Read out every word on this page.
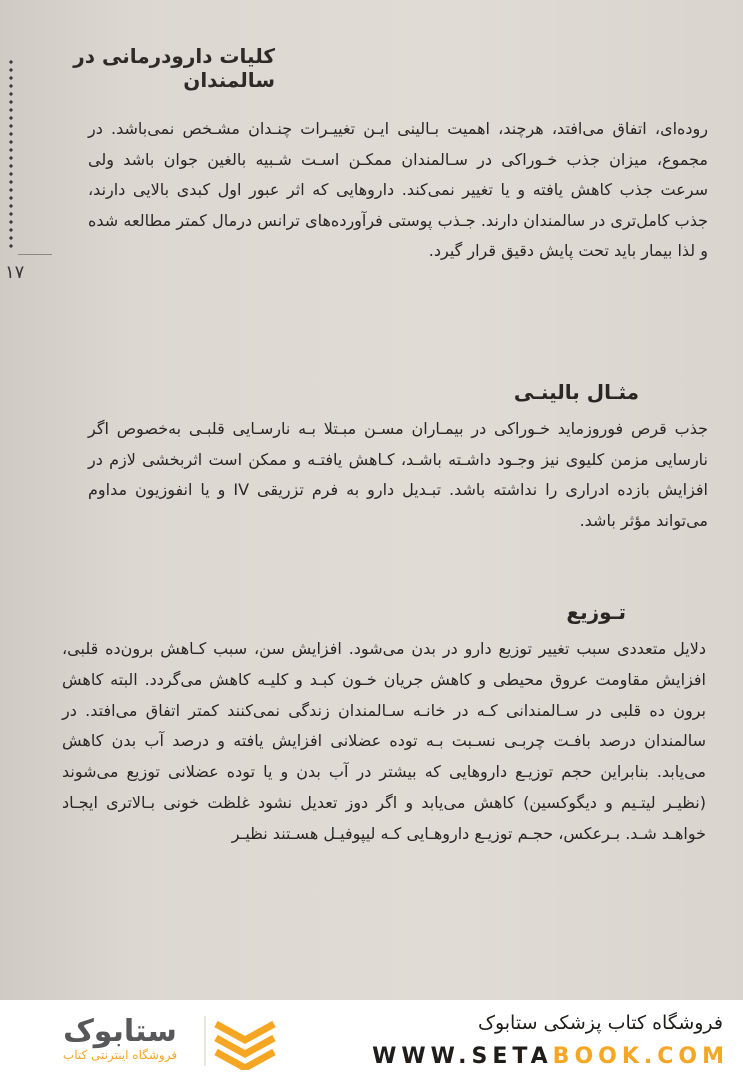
کلیات دارودرمانی در سالمندان
۱۷
روده‌ای، اتفاق می‌افتد، هرچند، اهمیت بـالینی ایـن تغییـرات چنـدان مشـخص نمی‌باشد. در مجموع، میزان جذب خـوراکی در سـالمندان ممکـن اسـت شـبیه بالغین جوان باشد ولی سرعت جذب کاهش یافته و یا تغییر نمی‌کند. داروهایی که اثر عبور اول کبدی بالایی دارند، جذب کامل‌تری در سالمندان دارند. جـذب پوستی فرآورده‌های ترانس درمال کمتر مطالعه شده و لذا بیمار باید تحت پایش دقیق قرار گیرد.
مثـال بالینـی
جذب قرص فوروزماید خـوراکی در بیمـاران مسـن مبـتلا بـه نارسـایی قلبـی به‌خصوص اگر نارسایی مزمن کلیوی نیز وجـود داشـته باشـد، کـاهش یافتـه و ممکن است اثربخشی لازم در افزایش بازده ادراری را نداشته باشد. تبـدیل دارو به فرم تزریقی IV و یا انفوزیون مداوم می‌تواند مؤثر باشد.
تـوزیع
دلایل متعددی سبب تغییر توزیع دارو در بدن می‌شود. افزایش سن، سبب کـاهش برون‌ده قلبی، افزایش مقاومت عروق محیطی و کاهش جریان خـون کبـد و کلیـه کاهش می‌گردد. البته کاهش برون ده قلبی در سـالمندانی کـه در خانـه سـالمندان زندگی نمی‌کنند کمتر اتفاق می‌افتد. در سالمندان درصد بافـت چربـی نسـبت بـه توده عضلانی افزایش یافته و درصد آب بدن کاهش می‌یابد. بنابراین حجم توزیـع داروهایی که بیشتر در آب بدن و یا توده عضلانی توزیع می‌شوند (نظیـر لیتـیم و دیگوکسین) کاهش می‌یابد و اگر دوز تعدیل نشود غلظت خونی بـالاتری ایجـاد خواهـد شـد. بـرعکس، حجـم توزیـع داروهـایی کـه لیپوفیـل هسـتند نظیـر
ستابوک
فروشگاه اینترنتی کتاب
فروشگاه کتاب پزشکی ستابوک
WWW.SETABOOK.COM
